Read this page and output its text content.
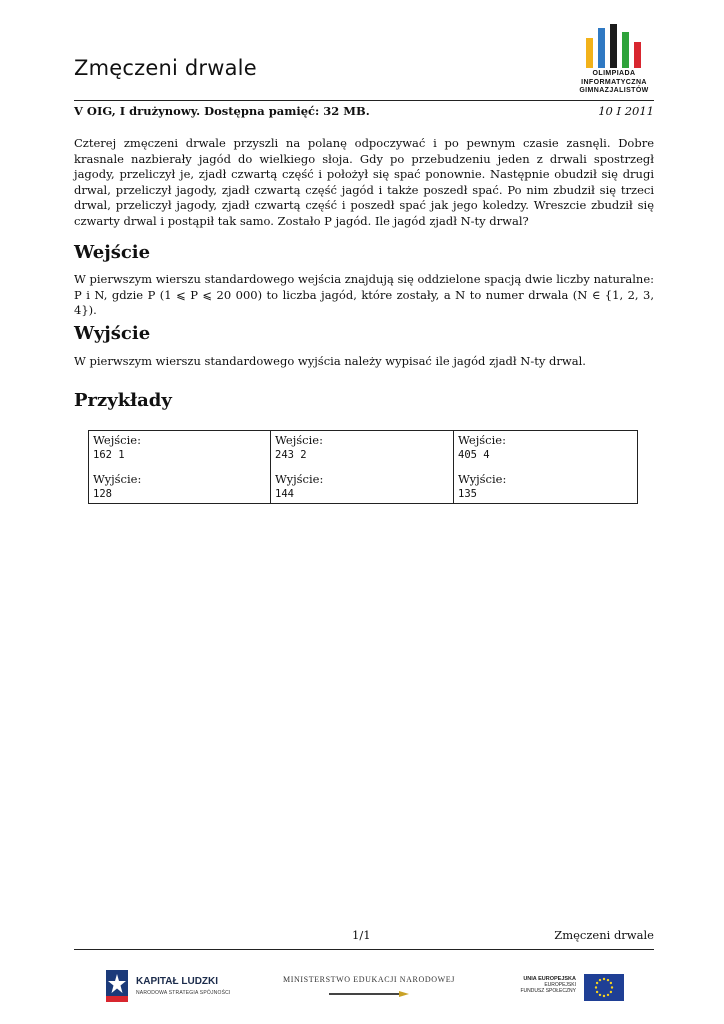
Zmęczeni drwale	OLIMPIADA
INFORMATYCZNA
GIMNAZJALISTÓW
V OIG, I drużynowy. Dostępna pamięć: 32 MB.	10 I 2011
Czterej zmęczeni drwale przyszli na polanę odpoczywać i po pewnym czasie zasnęli. Dobre krasnale nazbierały jagód do wielkiego słoja. Gdy po przebudzeniu jeden z drwali spostrzegł jagody, przeliczył je, zjadł czwartą część i położył się spać ponownie. Następnie obudził się drugi drwal, przeliczył jagody, zjadł czwartą część jagód i także poszedł spać. Po nim zbudził się trzeci drwal, przeliczył jagody, zjadł czwartą część i poszedł spać jak jego koledzy. Wreszcie zbudził się czwarty drwal i postąpił tak samo. Zostało P jagód. Ile jagód zjadł N-ty drwal?
Wejście
W pierwszym wierszu standardowego wejścia znajdują się oddzielone spacją dwie liczby naturalne: P i N, gdzie P (1 ⩽ P ⩽ 20 000) to liczba jagód, które zostały, a N to numer drwala (N ∈ {1, 2, 3, 4}).
Wyjście
W pierwszym wierszu standardowego wyjścia należy wypisać ile jagód zjadł N-ty drwal.
Przykłady
Wejście:
162 1
Wyjście:
128
Wejście:
243 2
Wyjście:
144
Wejście:
405 4
Wyjście:
135
1/1	Zmęczeni drwale
KAPITAŁ LUDZKI
NARODOWA STRATEGIA SPÓJNOŚCI
MINISTERSTWO EDUKACJI NARODOWEJ	UNIA EUROPEJSKA
EUROPEJSKI
FUNDUSZ SPOŁECZNY
